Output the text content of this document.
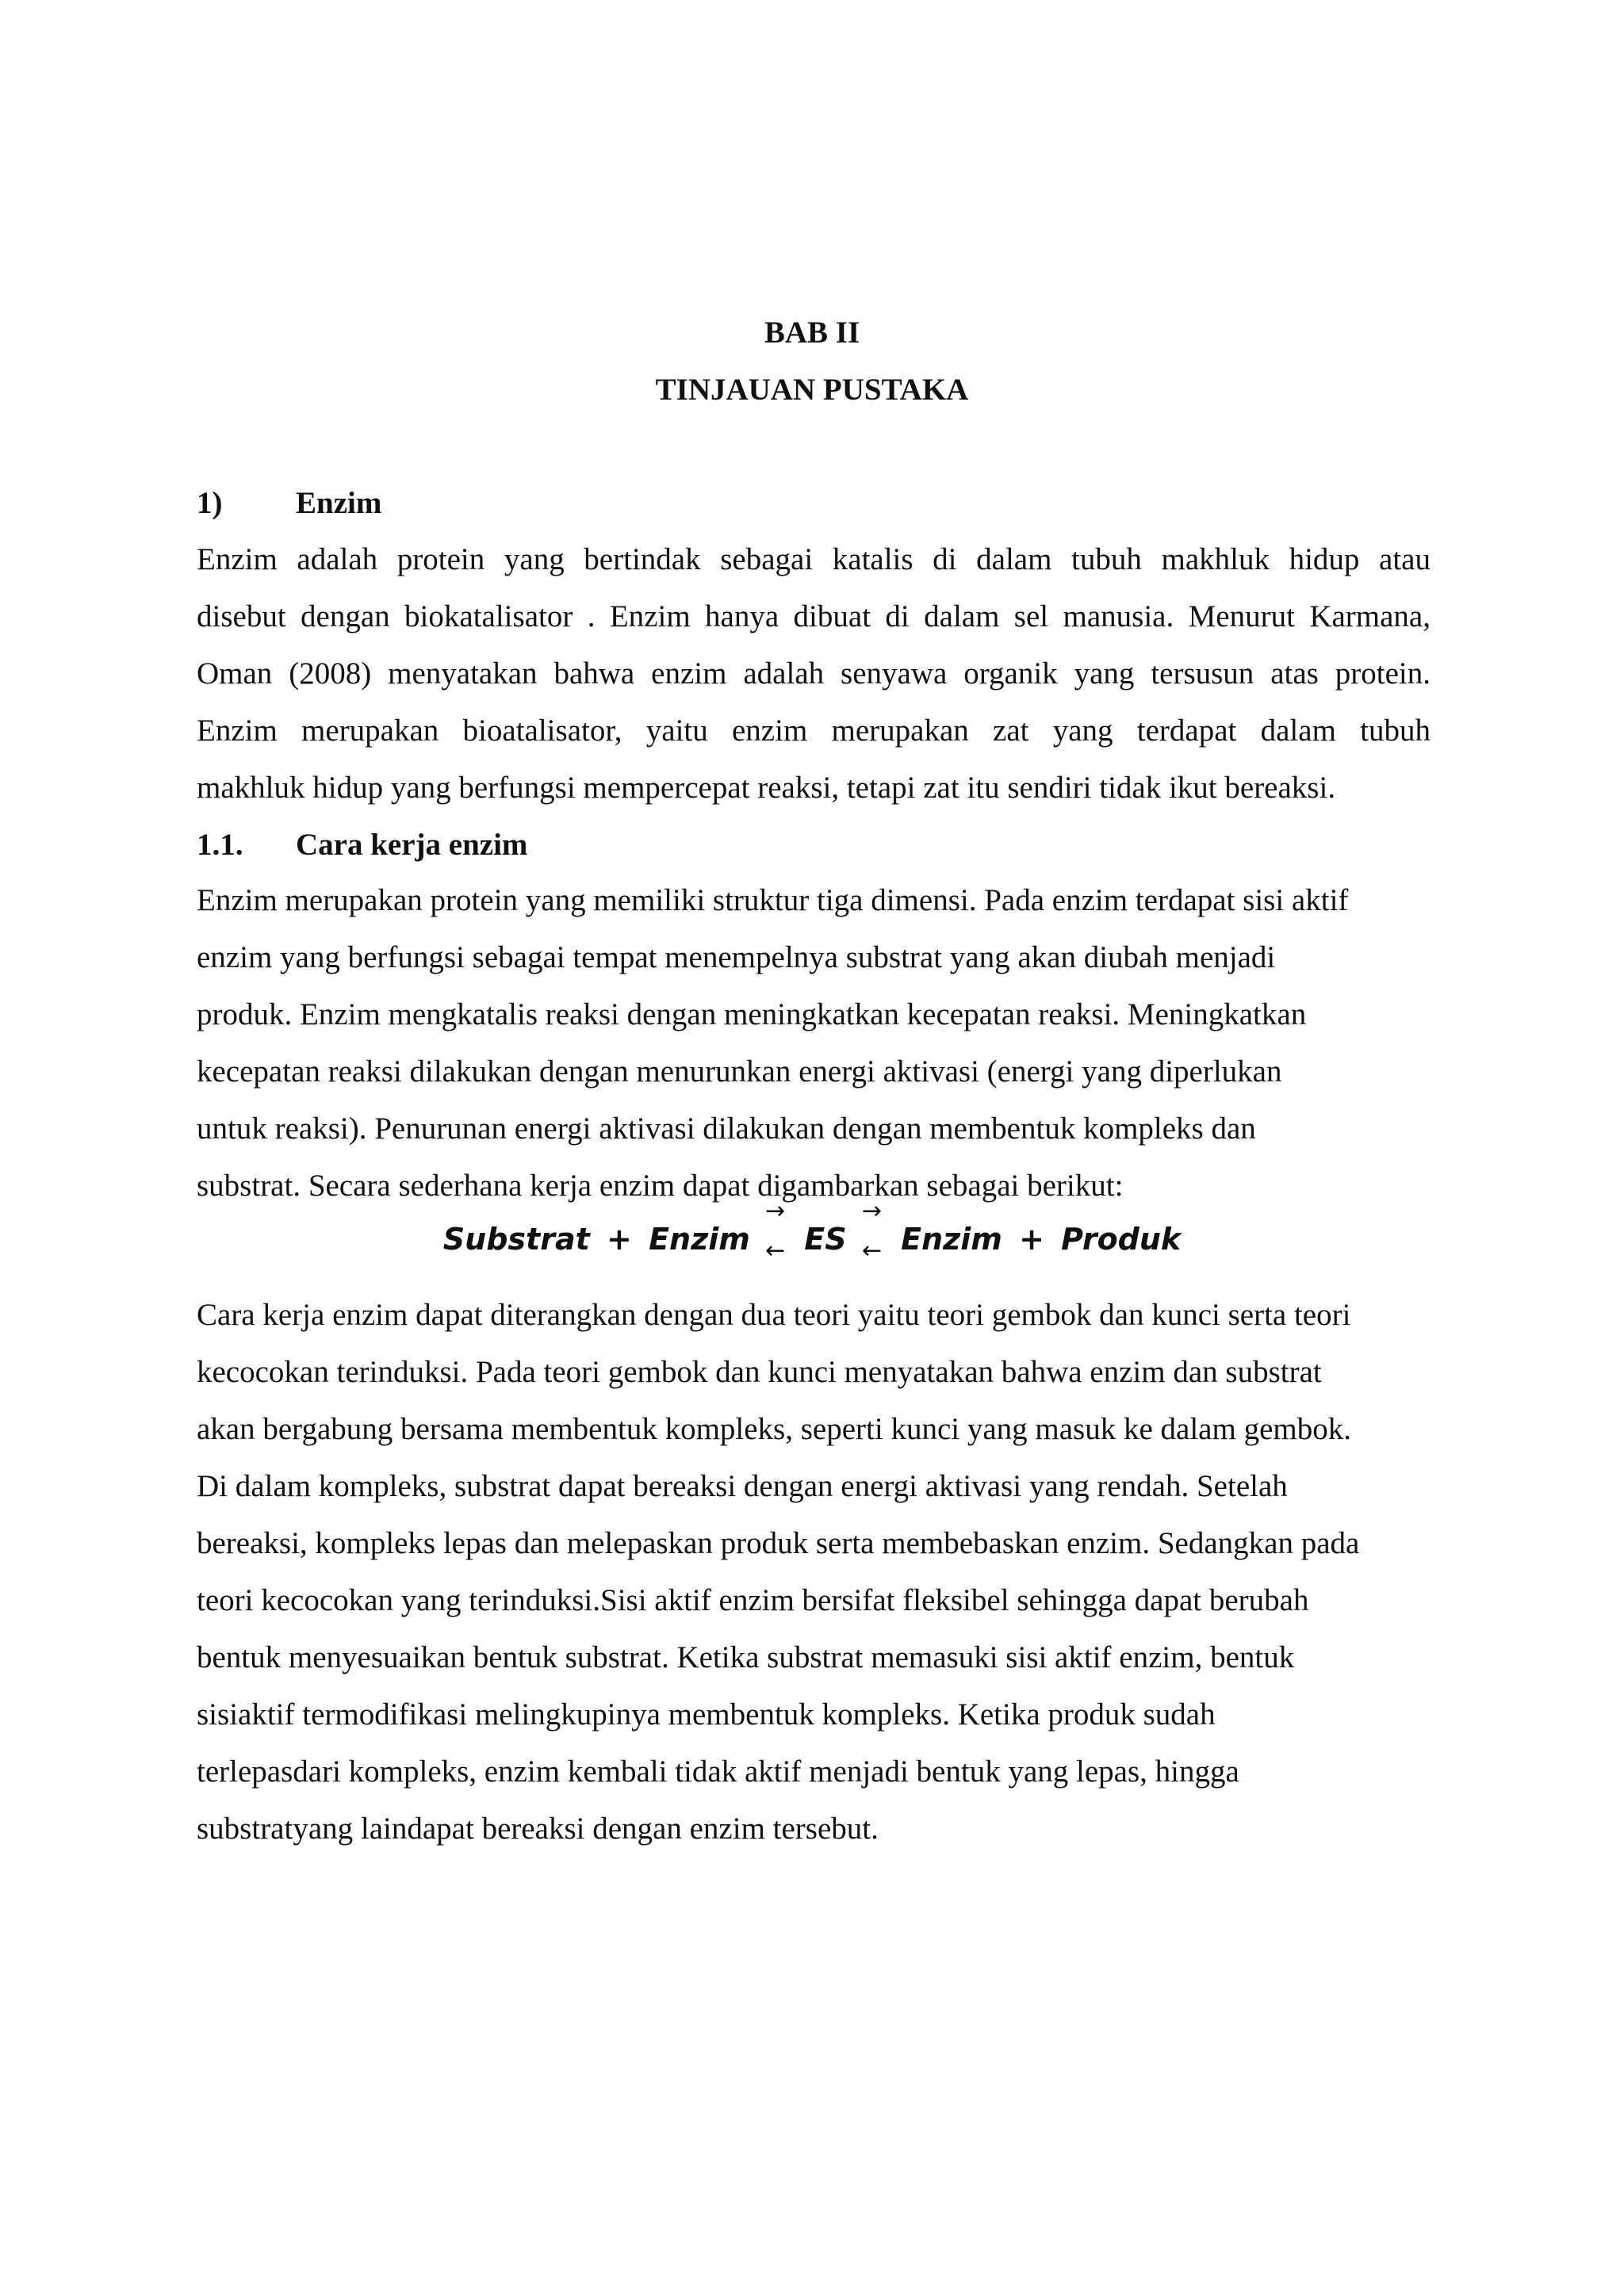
BAB II
TINJAUAN PUSTAKA
1) Enzim
Enzim adalah protein yang bertindak sebagai katalis di dalam tubuh makhluk hidup atau
disebut dengan biokatalisator . Enzim hanya dibuat di dalam sel manusia. Menurut Karmana,
Oman (2008) menyatakan bahwa enzim adalah senyawa organik yang tersusun atas protein.
Enzim merupakan bioatalisator, yaitu enzim merupakan zat yang terdapat dalam tubuh
makhluk hidup yang berfungsi mempercepat reaksi, tetapi zat itu sendiri tidak ikut bereaksi.
1.1. Cara kerja enzim
Enzim merupakan protein yang memiliki struktur tiga dimensi. Pada enzim terdapat sisi aktif
enzim yang berfungsi sebagai tempat menempelnya substrat yang akan diubah menjadi
produk. Enzim mengkatalis reaksi dengan meningkatkan kecepatan reaksi. Meningkatkan
kecepatan reaksi dilakukan dengan menurunkan energi aktivasi (energi yang diperlukan
untuk reaksi). Penurunan energi aktivasi dilakukan dengan membentuk kompleks dan
substrat. Secara sederhana kerja enzim dapat digambarkan sebagai berikut:
Substrat + Enzim
→
← ES
→
← Enzim + Produk
Cara kerja enzim dapat diterangkan dengan dua teori yaitu teori gembok dan kunci serta teori
kecocokan terinduksi. Pada teori gembok dan kunci menyatakan bahwa enzim dan substrat
akan bergabung bersama membentuk kompleks, seperti kunci yang masuk ke dalam gembok.
Di dalam kompleks, substrat dapat bereaksi dengan energi aktivasi yang rendah. Setelah
bereaksi, kompleks lepas dan melepaskan produk serta membebaskan enzim. Sedangkan pada
teori kecocokan yang terinduksi.Sisi aktif enzim bersifat fleksibel sehingga dapat berubah
bentuk menyesuaikan bentuk substrat. Ketika substrat memasuki sisi aktif enzim, bentuk
sisiaktif termodifikasi melingkupinya membentuk kompleks. Ketika produk sudah
terlepasdari kompleks, enzim kembali tidak aktif menjadi bentuk yang lepas, hingga
substratyang laindapat bereaksi dengan enzim tersebut.
